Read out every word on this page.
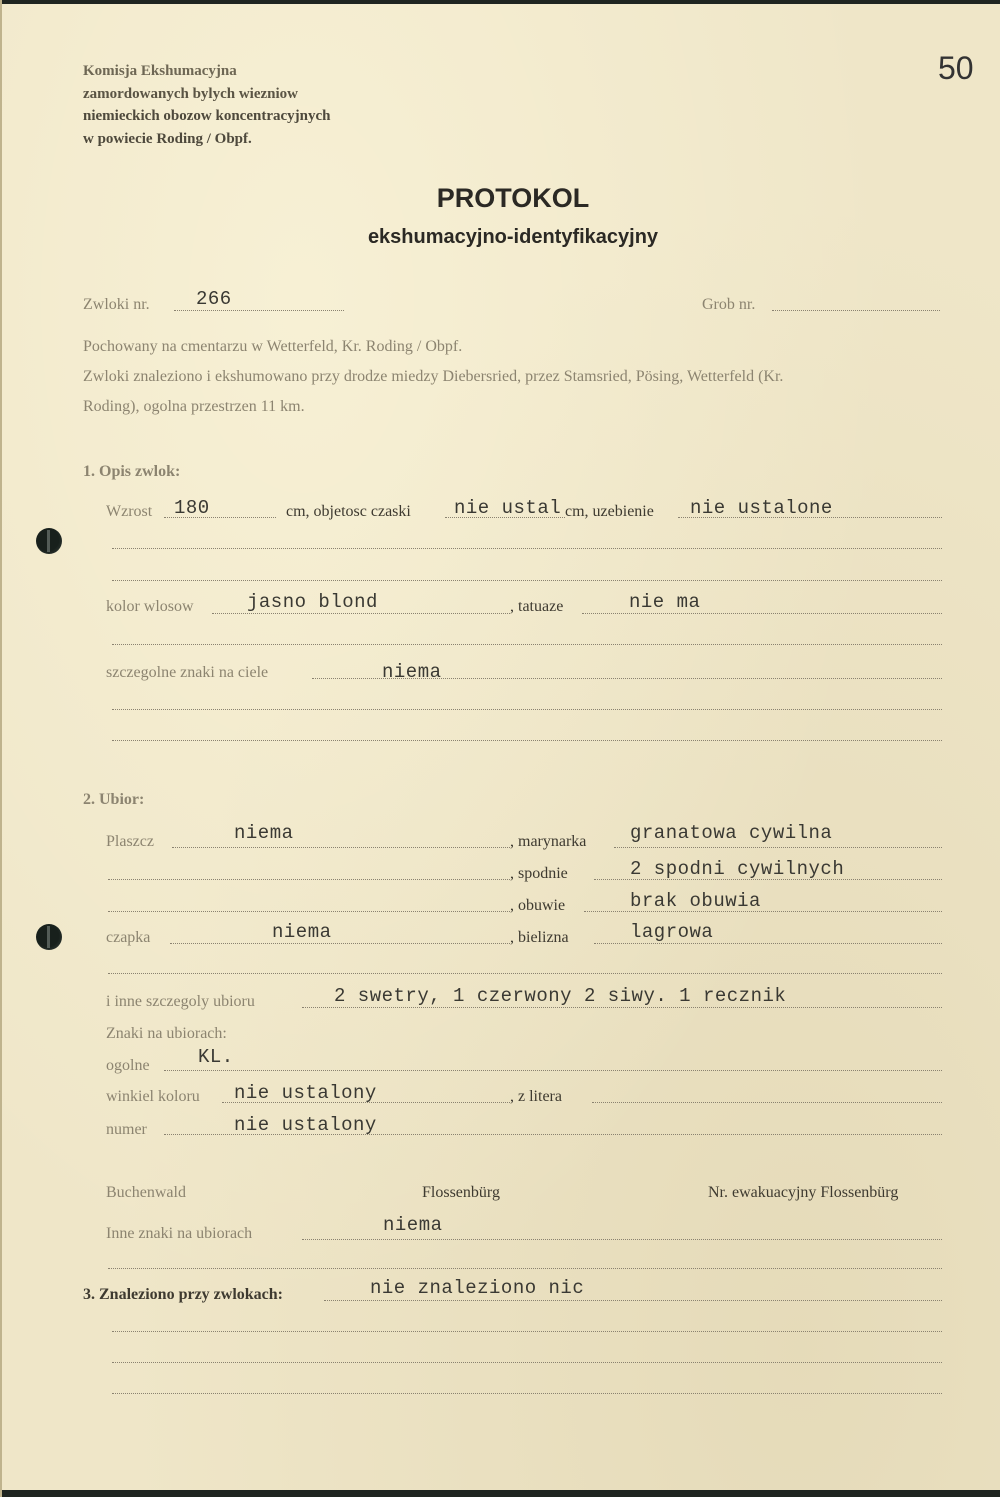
50
Komisja Ekshumacyjna
zamordowanych bylych wiezniow
niemieckich obozow koncentracyjnych
w powiecie Roding / Obpf.
PROTOKOL
ekshumacyjno-identyfikacyjny
Zwloki nr. 266	Grob nr.
Pochowany na cmentarzu w Wetterfeld, Kr. Roding / Obpf.
Zwloki znaleziono i ekshumowano przy drodze miedzy Diebersried, przez Stamsried, Pösing, Wetterfeld (Kr.
Roding), ogolna przestrzen 11 km.
1. Opis zwlok:
Wzrost 180	cm, objetosc czaski nie ustal cm, uzebienie nie ustalone
kolor wlosow	jasno blond	, tatuaze	nie ma
szczegolne znaki na ciele	niema
2. Ubior:
Plaszcz	niema	, marynarka granatowa cywilna
, spodnie	2 spodni cywilnych
, obuwie	brak obuwia
czapka	niema	, bielizna	lagrowa
i inne szczegoly ubioru	2 swetry, 1 czerwony 2 siwy. 1 recznik
Znaki na ubiorach:
ogolne	KL.
winkiel koloru nie ustalony	, z litera
numer	nie ustalony
Buchenwald	Flossenbürg	Nr. ewakuacyjny Flossenbürg
Inne znaki na ubiorach	niema
3. Znaleziono przy zwlokach:	nie znaleziono nic
